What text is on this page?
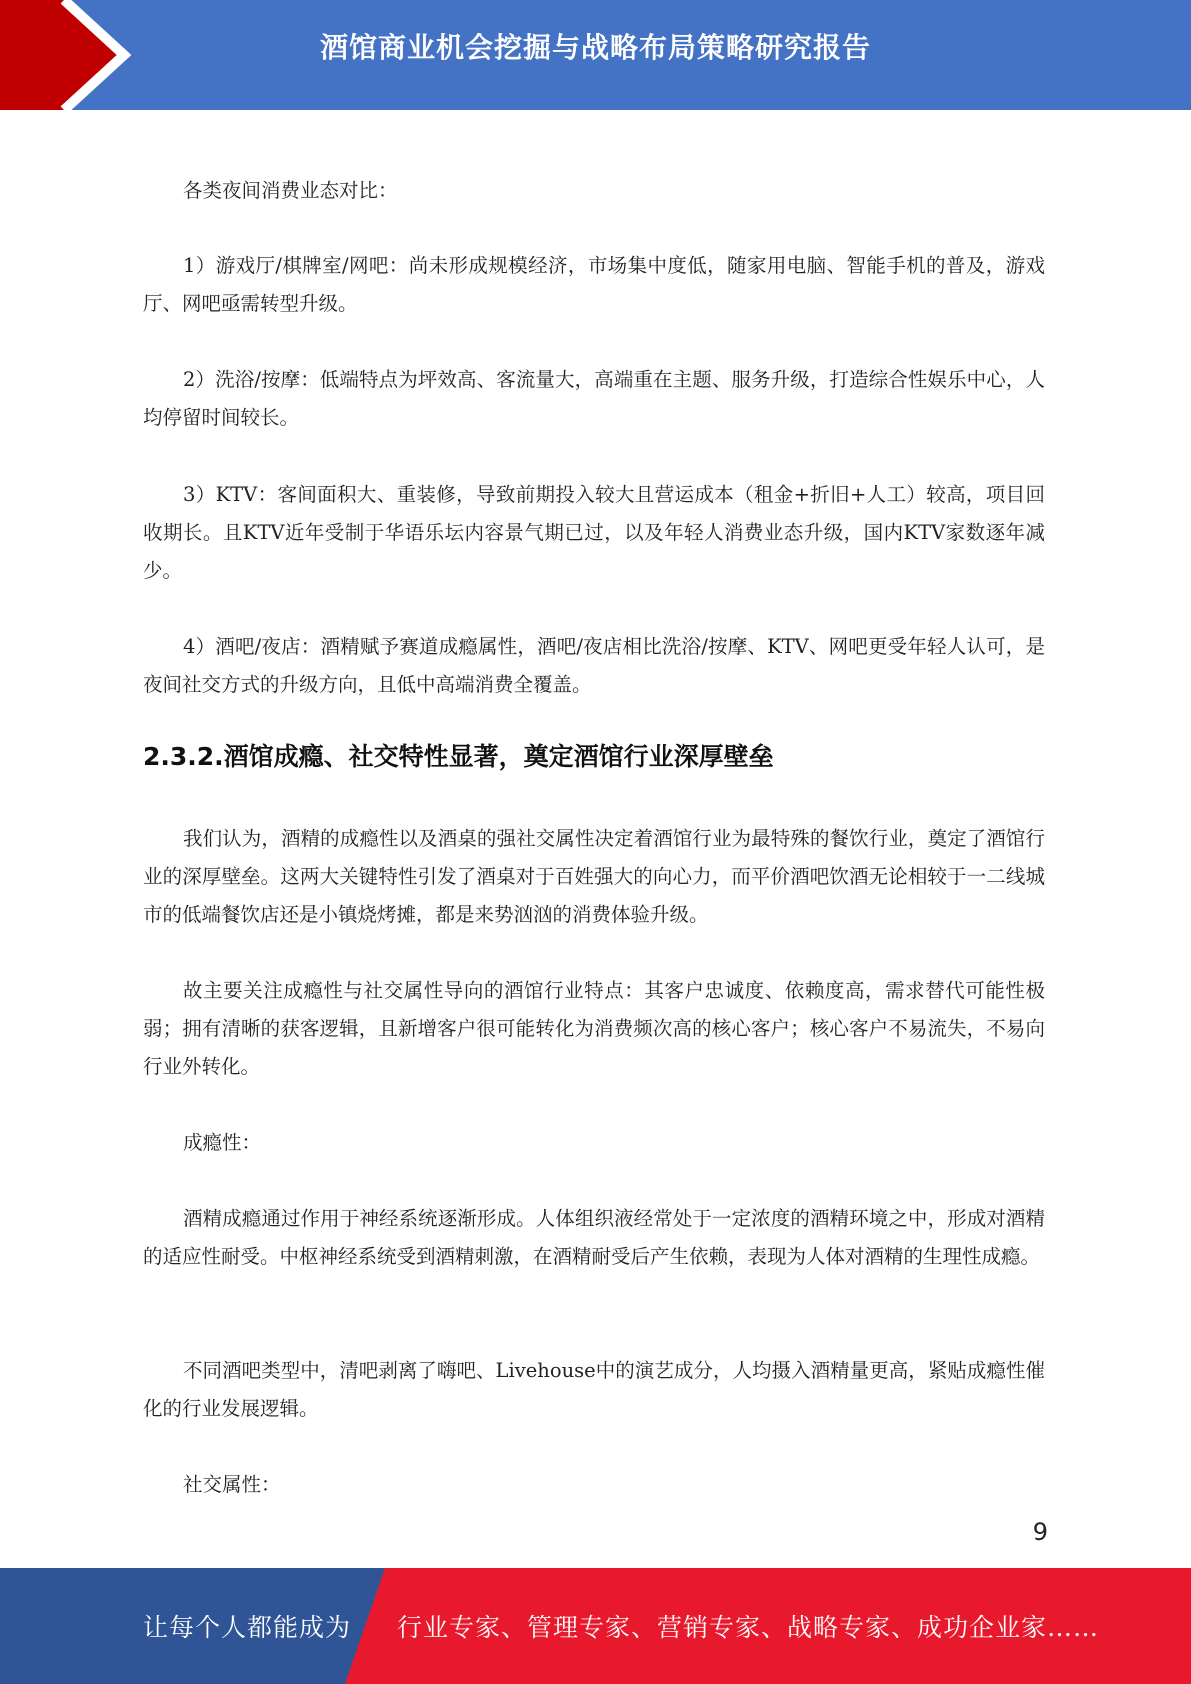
酒馆商业机会挖掘与战略布局策略研究报告

各类夜间消费业态对比：

1）游戏厅/棋牌室/网吧：尚未形成规模经济，市场集中度低，随家用电脑、智能手机的普及，游戏厅、网吧亟需转型升级。

2）洗浴/按摩：低端特点为坪效高、客流量大，高端重在主题、服务升级，打造综合性娱乐中心，人均停留时间较长。

3）KTV：客间面积大、重装修，导致前期投入较大且营运成本（租金+折旧+人工）较高，项目回收期长。且KTV近年受制于华语乐坛内容景气期已过，以及年轻人消费业态升级，国内KTV家数逐年减少。

4）酒吧/夜店：酒精赋予赛道成瘾属性，酒吧/夜店相比洗浴/按摩、KTV、网吧更受年轻人认可，是夜间社交方式的升级方向，且低中高端消费全覆盖。

2.3.2.酒馆成瘾、社交特性显著，奠定酒馆行业深厚壁垒

我们认为，酒精的成瘾性以及酒桌的强社交属性决定着酒馆行业为最特殊的餐饮行业，奠定了酒馆行业的深厚壁垒。这两大关键特性引发了酒桌对于百姓强大的向心力，而平价酒吧饮酒无论相较于一二线城市的低端餐饮店还是小镇烧烤摊，都是来势汹汹的消费体验升级。

故主要关注成瘾性与社交属性导向的酒馆行业特点：其客户忠诚度、依赖度高，需求替代可能性极弱；拥有清晰的获客逻辑，且新增客户很可能转化为消费频次高的核心客户；核心客户不易流失，不易向行业外转化。

成瘾性：

酒精成瘾通过作用于神经系统逐渐形成。人体组织液经常处于一定浓度的酒精环境之中，形成对酒精的适应性耐受。中枢神经系统受到酒精刺激，在酒精耐受后产生依赖，表现为人体对酒精的生理性成瘾。

不同酒吧类型中，清吧剥离了嗨吧、Livehouse中的演艺成分，人均摄入酒精量更高，紧贴成瘾性催化的行业发展逻辑。

社交属性：

9
让每个人都能成为 行业专家、管理专家、营销专家、战略专家、成功企业家……
